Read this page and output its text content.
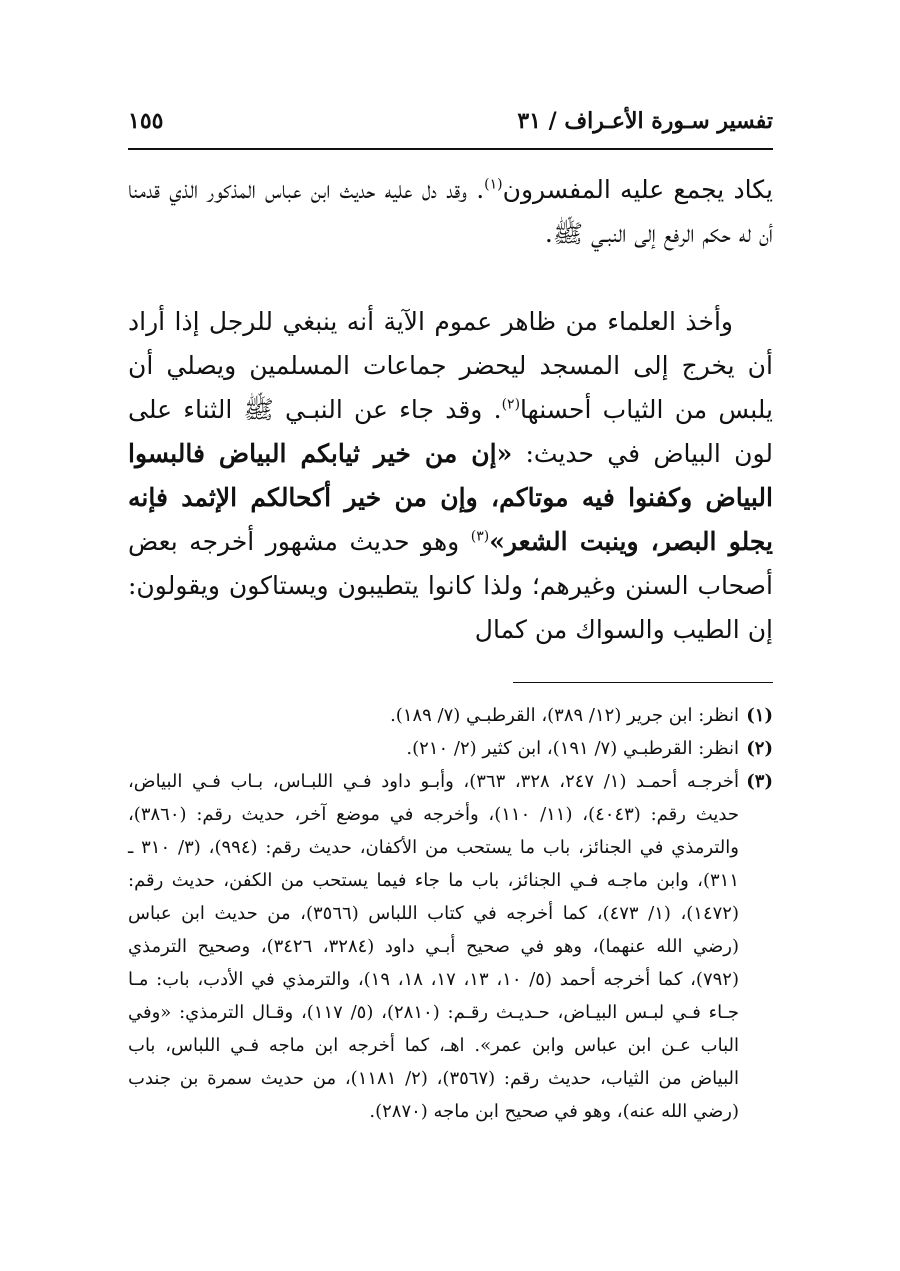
تفسير سـورة الأعـراف / ٣١
١٥٥

يكاد يجمع عليه المفسرون$^{(١)}$. وقد دل عليه حديث ابن عباس المذكور الذي قدمنا أن له حكم الرفع إلى النبـي ﷺ.

وأخذ العلماء من ظاهر عموم الآية أنه ينبغي للرجل إذا أراد أن يخرج إلى المسجد ليحضر جماعات المسلمين ويصلي أن يلبس من الثياب أحسنها$^{(٢)}$. وقد جاء عن النبـي ﷺ الثناء على لون البياض في حديث: «إن من خير ثيابكم البياض فالبسوا البياض وكفنوا فيه موتاكم، وإن من خير أكحالكم الإثمد فإنه يجلو البصر، وينبت الشعر»$^{(٣)}$ وهو حديث مشهور أخرجه بعض أصحاب السنن وغيرهم؛ ولذا كانوا يتطيبون ويستاكون ويقولون: إن الطيب والسواك من كمال

(١)
انظر: ابن جرير (١٢/ ٣٨٩)، القرطبـي (٧/ ١٨٩).
(٢)
انظر: القرطبـي (٧/ ١٩١)، ابن كثير (٢/ ٢١٠).
(٣)
أخرجـه أحمـد (١/ ٢٤٧، ٣٢٨، ٣٦٣)، وأبـو داود فـي اللبـاس، بـاب فـي البياض، حديث رقم: (٤٠٤٣)، (١١/ ١١٠)، وأخرجه في موضع آخر، حديث رقم: (٣٨٦٠)، والترمذي في الجنائز، باب ما يستحب من الأكفان، حديث رقم: (٩٩٤)، (٣/ ٣١٠ ـ ٣١١)، وابن ماجـه فـي الجنائز، باب ما جاء فيما يستحب من الكفن، حديث رقم: (١٤٧٢)، (١/ ٤٧٣)، كما أخرجه في كتاب اللباس (٣٥٦٦)، من حديث ابن عباس (رضي الله عنهما)، وهو في صحيح أبـي داود (٣٢٨٤، ٣٤٢٦)، وصحيح الترمذي (٧٩٢)، كما أخرجه أحمد (٥/ ١٠، ١٣، ١٧، ١٨، ١٩)، والترمذي في الأدب، باب: مـا جـاء فـي لبـس البيـاض، حـديـث رقـم: (٢٨١٠)، (٥/ ١١٧)، وقـال الترمذي: «وفي الباب عـن ابن عباس وابن عمر». اهـ، كما أخرجه ابن ماجه فـي اللباس، باب البياض من الثياب، حديث رقم: (٣٥٦٧)، (٢/ ١١٨١)، من حديث سمرة بن جندب (رضي الله عنه)، وهو في صحيح ابن ماجه (٢٨٧٠).
